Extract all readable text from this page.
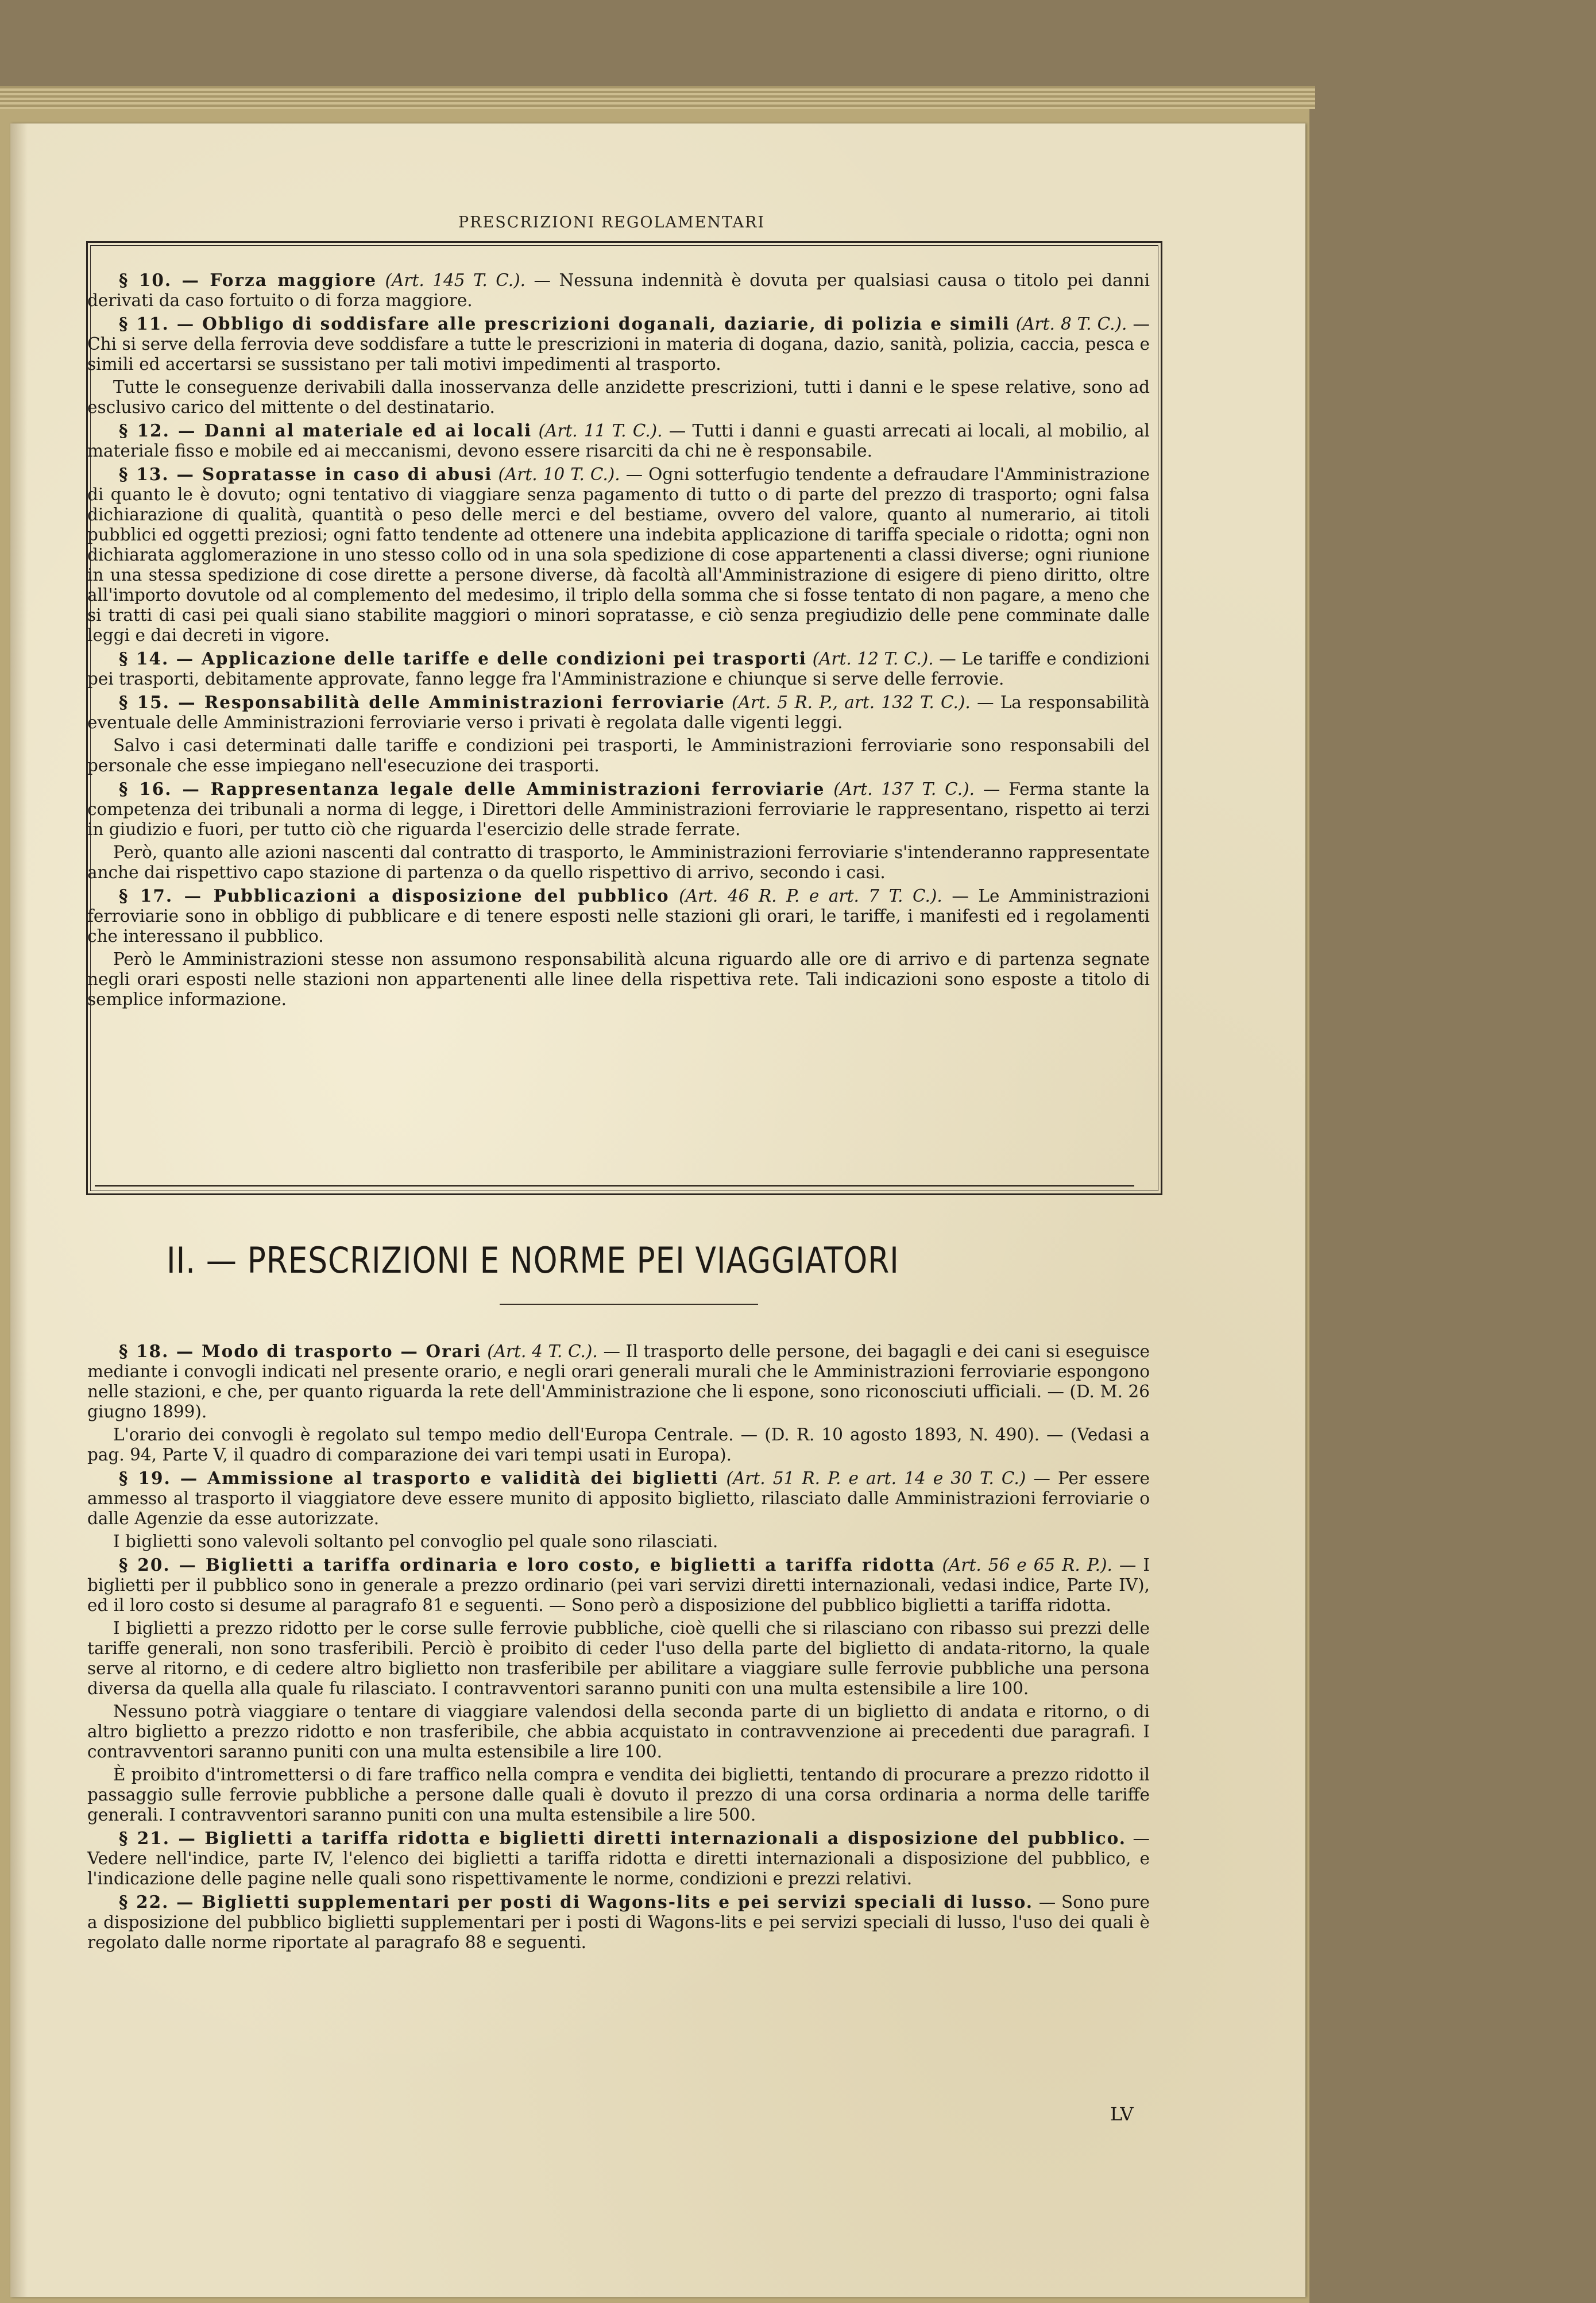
PRESCRIZIONI REGOLAMENTARI

§ 10. — Forza maggiore (Art. 145 T. C.). — Nessuna indennità è dovuta per qualsiasi causa o titolo pei danni derivati da caso fortuito o di forza maggiore.

§ 11. — Obbligo di soddisfare alle prescrizioni doganali, daziarie, di polizia e simili (Art. 8 T. C.). — Chi si serve della ferrovia deve soddisfare a tutte le prescrizioni in materia di dogana, dazio, sanità, polizia, caccia, pesca e simili ed accertarsi se sussistano per tali motivi impedimenti al trasporto.

Tutte le conseguenze derivabili dalla inosservanza delle anzidette prescrizioni, tutti i danni e le spese relative, sono ad esclusivo carico del mittente o del destinatario.

§ 12. — Danni al materiale ed ai locali (Art. 11 T. C.). — Tutti i danni e guasti arrecati ai locali, al mobilio, al materiale fisso e mobile ed ai meccanismi, devono essere risarciti da chi ne è responsabile.

§ 13. — Sopratasse in caso di abusi (Art. 10 T. C.). — Ogni sotterfugio tendente a defraudare l'Amministrazione di quanto le è dovuto; ogni tentativo di viaggiare senza pagamento di tutto o di parte del prezzo di trasporto; ogni falsa dichiarazione di qualità, quantità o peso delle merci e del bestiame, ovvero del valore, quanto al numerario, ai titoli pubblici ed oggetti preziosi; ogni fatto tendente ad ottenere una indebita applicazione di tariffa speciale o ridotta; ogni non dichiarata agglomerazione in uno stesso collo od in una sola spedizione di cose appartenenti a classi diverse; ogni riunione in una stessa spedizione di cose dirette a persone diverse, dà facoltà all'Amministrazione di esigere di pieno diritto, oltre all'importo dovutole od al complemento del medesimo, il triplo della somma che si fosse tentato di non pagare, a meno che si tratti di casi pei quali siano stabilite maggiori o minori sopratasse, e ciò senza pregiudizio delle pene comminate dalle leggi e dai decreti in vigore.

§ 14. — Applicazione delle tariffe e delle condizioni pei trasporti (Art. 12 T. C.). — Le tariffe e condizioni pei trasporti, debitamente approvate, fanno legge fra l'Amministrazione e chiunque si serve delle ferrovie.

§ 15. — Responsabilità delle Amministrazioni ferroviarie (Art. 5 R. P., art. 132 T. C.). — La responsabilità eventuale delle Amministrazioni ferroviarie verso i privati è regolata dalle vigenti leggi.

Salvo i casi determinati dalle tariffe e condizioni pei trasporti, le Amministrazioni ferroviarie sono responsabili del personale che esse impiegano nell'esecuzione dei trasporti.

§ 16. — Rappresentanza legale delle Amministrazioni ferroviarie (Art. 137 T. C.). — Ferma stante la competenza dei tribunali a norma di legge, i Direttori delle Amministrazioni ferroviarie le rappresentano, rispetto ai terzi in giudizio e fuori, per tutto ciò che riguarda l'esercizio delle strade ferrate.

Però, quanto alle azioni nascenti dal contratto di trasporto, le Amministrazioni ferroviarie s'intenderanno rappresentate anche dai rispettivo capo stazione di partenza o da quello rispettivo di arrivo, secondo i casi.

§ 17. — Pubblicazioni a disposizione del pubblico (Art. 46 R. P. e art. 7 T. C.). — Le Amministrazioni ferroviarie sono in obbligo di pubblicare e di tenere esposti nelle stazioni gli orari, le tariffe, i manifesti ed i regolamenti che interessano il pubblico.

Però le Amministrazioni stesse non assumono responsabilità alcuna riguardo alle ore di arrivo e di partenza segnate negli orari esposti nelle stazioni non appartenenti alle linee della rispettiva rete. Tali indicazioni sono esposte a titolo di semplice informazione.

II. — PRESCRIZIONI E NORME PEI VIAGGIATORI

§ 18. — Modo di trasporto — Orari (Art. 4 T. C.). — Il trasporto delle persone, dei bagagli e dei cani si eseguisce mediante i convogli indicati nel presente orario, e negli orari generali murali che le Amministrazioni ferroviarie espongono nelle stazioni, e che, per quanto riguarda la rete dell'Amministrazione che li espone, sono riconosciuti ufficiali. — (D. M. 26 giugno 1899).

L'orario dei convogli è regolato sul tempo medio dell'Europa Centrale. — (D. R. 10 agosto 1893, N. 490). — (Vedasi a pag. 94, Parte V, il quadro di comparazione dei vari tempi usati in Europa).

§ 19. — Ammissione al trasporto e validità dei biglietti (Art. 51 R. P. e art. 14 e 30 T. C.) — Per essere ammesso al trasporto il viaggiatore deve essere munito di apposito biglietto, rilasciato dalle Amministrazioni ferroviarie o dalle Agenzie da esse autorizzate.

I biglietti sono valevoli soltanto pel convoglio pel quale sono rilasciati.

§ 20. — Biglietti a tariffa ordinaria e loro costo, e biglietti a tariffa ridotta (Art. 56 e 65 R. P.). — I biglietti per il pubblico sono in generale a prezzo ordinario (pei vari servizi diretti internazionali, vedasi indice, Parte IV), ed il loro costo si desume al paragrafo 81 e seguenti. — Sono però a disposizione del pubblico biglietti a tariffa ridotta.

I biglietti a prezzo ridotto per le corse sulle ferrovie pubbliche, cioè quelli che si rilasciano con ribasso sui prezzi delle tariffe generali, non sono trasferibili. Perciò è proibito di ceder l'uso della parte del biglietto di andata-ritorno, la quale serve al ritorno, e di cedere altro biglietto non trasferibile per abilitare a viaggiare sulle ferrovie pubbliche una persona diversa da quella alla quale fu rilasciato. I contravventori saranno puniti con una multa estensibile a lire 100.

Nessuno potrà viaggiare o tentare di viaggiare valendosi della seconda parte di un biglietto di andata e ritorno, o di altro biglietto a prezzo ridotto e non trasferibile, che abbia acquistato in contravvenzione ai precedenti due paragrafi. I contravventori saranno puniti con una multa estensibile a lire 100.

È proibito d'intromettersi o di fare traffico nella compra e vendita dei biglietti, tentando di procurare a prezzo ridotto il passaggio sulle ferrovie pubbliche a persone dalle quali è dovuto il prezzo di una corsa ordinaria a norma delle tariffe generali. I contravventori saranno puniti con una multa estensibile a lire 500.

§ 21. — Biglietti a tariffa ridotta e biglietti diretti internazionali a disposizione del pubblico. — Vedere nell'indice, parte IV, l'elenco dei biglietti a tariffa ridotta e diretti internazionali a disposizione del pubblico, e l'indicazione delle pagine nelle quali sono rispettivamente le norme, condizioni e prezzi relativi.

§ 22. — Biglietti supplementari per posti di Wagons-lits e pei servizi speciali di lusso. — Sono pure a disposizione del pubblico biglietti supplementari per i posti di Wagons-lits e pei servizi speciali di lusso, l'uso dei quali è regolato dalle norme riportate al paragrafo 88 e seguenti.

LV
